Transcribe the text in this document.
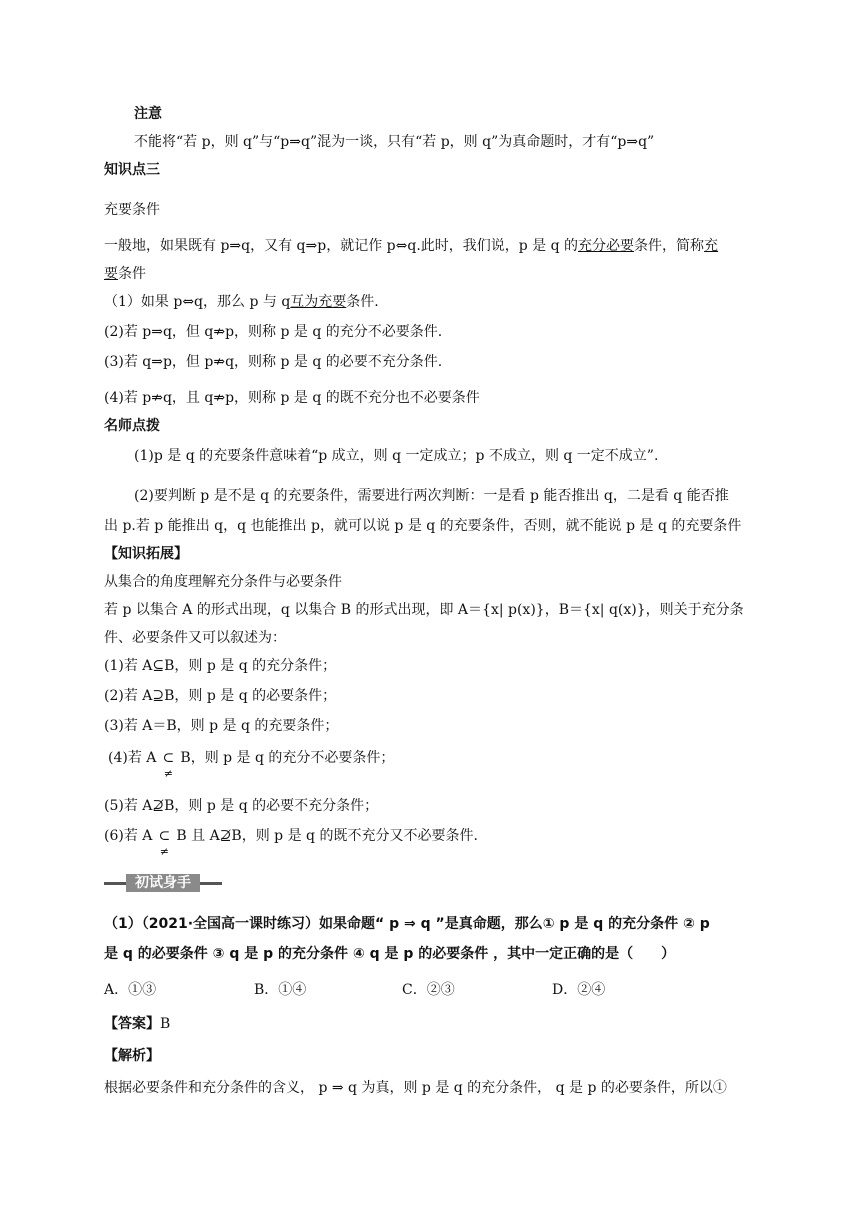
注意
不能将“若 p，则 q”与“p⇒q”混为一谈，只有“若 p，则 q”为真命题时，才有“p⇒q”
知识点三
充要条件
一般地，如果既有 p⇒q，又有 q⇒p，就记作 p⇔q.此时，我们说，p 是 q 的充分必要条件，简称充
要条件
（1）如果 p⇔q，那么 p 与 q互为充要条件.
(2)若 p⇒q，但 q⇏p，则称 p 是 q 的充分不必要条件.
(3)若 q⇒p，但 p⇏q，则称 p 是 q 的必要不充分条件.
(4)若 p⇏q，且 q⇏p，则称 p 是 q 的既不充分也不必要条件
名师点拨
(1)p 是 q 的充要条件意味着“p 成立，则 q 一定成立；p 不成立，则 q 一定不成立”.
(2)要判断 p 是不是 q 的充要条件，需要进行两次判断：一是看 p 能否推出 q，二是看 q 能否推
出 p.若 p 能推出 q，q 也能推出 p，就可以说 p 是 q 的充要条件，否则，就不能说 p 是 q 的充要条件
【知识拓展】
从集合的角度理解充分条件与必要条件
若 p 以集合 A 的形式出现，q 以集合 B 的形式出现，即 A＝{x| p(x)}，B＝{x| q(x)}，则关于充分条
件、必要条件又可以叙述为：
(1)若 A⊆B，则 p 是 q 的充分条件；
(2)若 A⊇B，则 p 是 q 的必要条件；
(3)若 A＝B，则 p 是 q 的充要条件；
(4)若 A ⊂
≠
B，则 p 是 q 的充分不必要条件；
(5)若 A⊉B，则 p 是 q 的必要不充分条件；
(6)若 A ⊂
≠
B 且 A⊉B，则 p 是 q 的既不充分又不必要条件.
初试身手
（1）（2021·全国高一课时练习）如果命题“ p ⇒ q ”是真命题，那么① p 是 q 的充分条件 ② p
是 q 的必要条件 ③ q 是 p 的充分条件 ④ q 是 p 的必要条件 ，其中一定正确的是（　　）
A．①③	B．①④	C．②③	D．②④
【答案】B
【解析】
根据必要条件和充分条件的含义， p ⇒ q 为真，则 p 是 q 的充分条件， q 是 p 的必要条件，所以①
